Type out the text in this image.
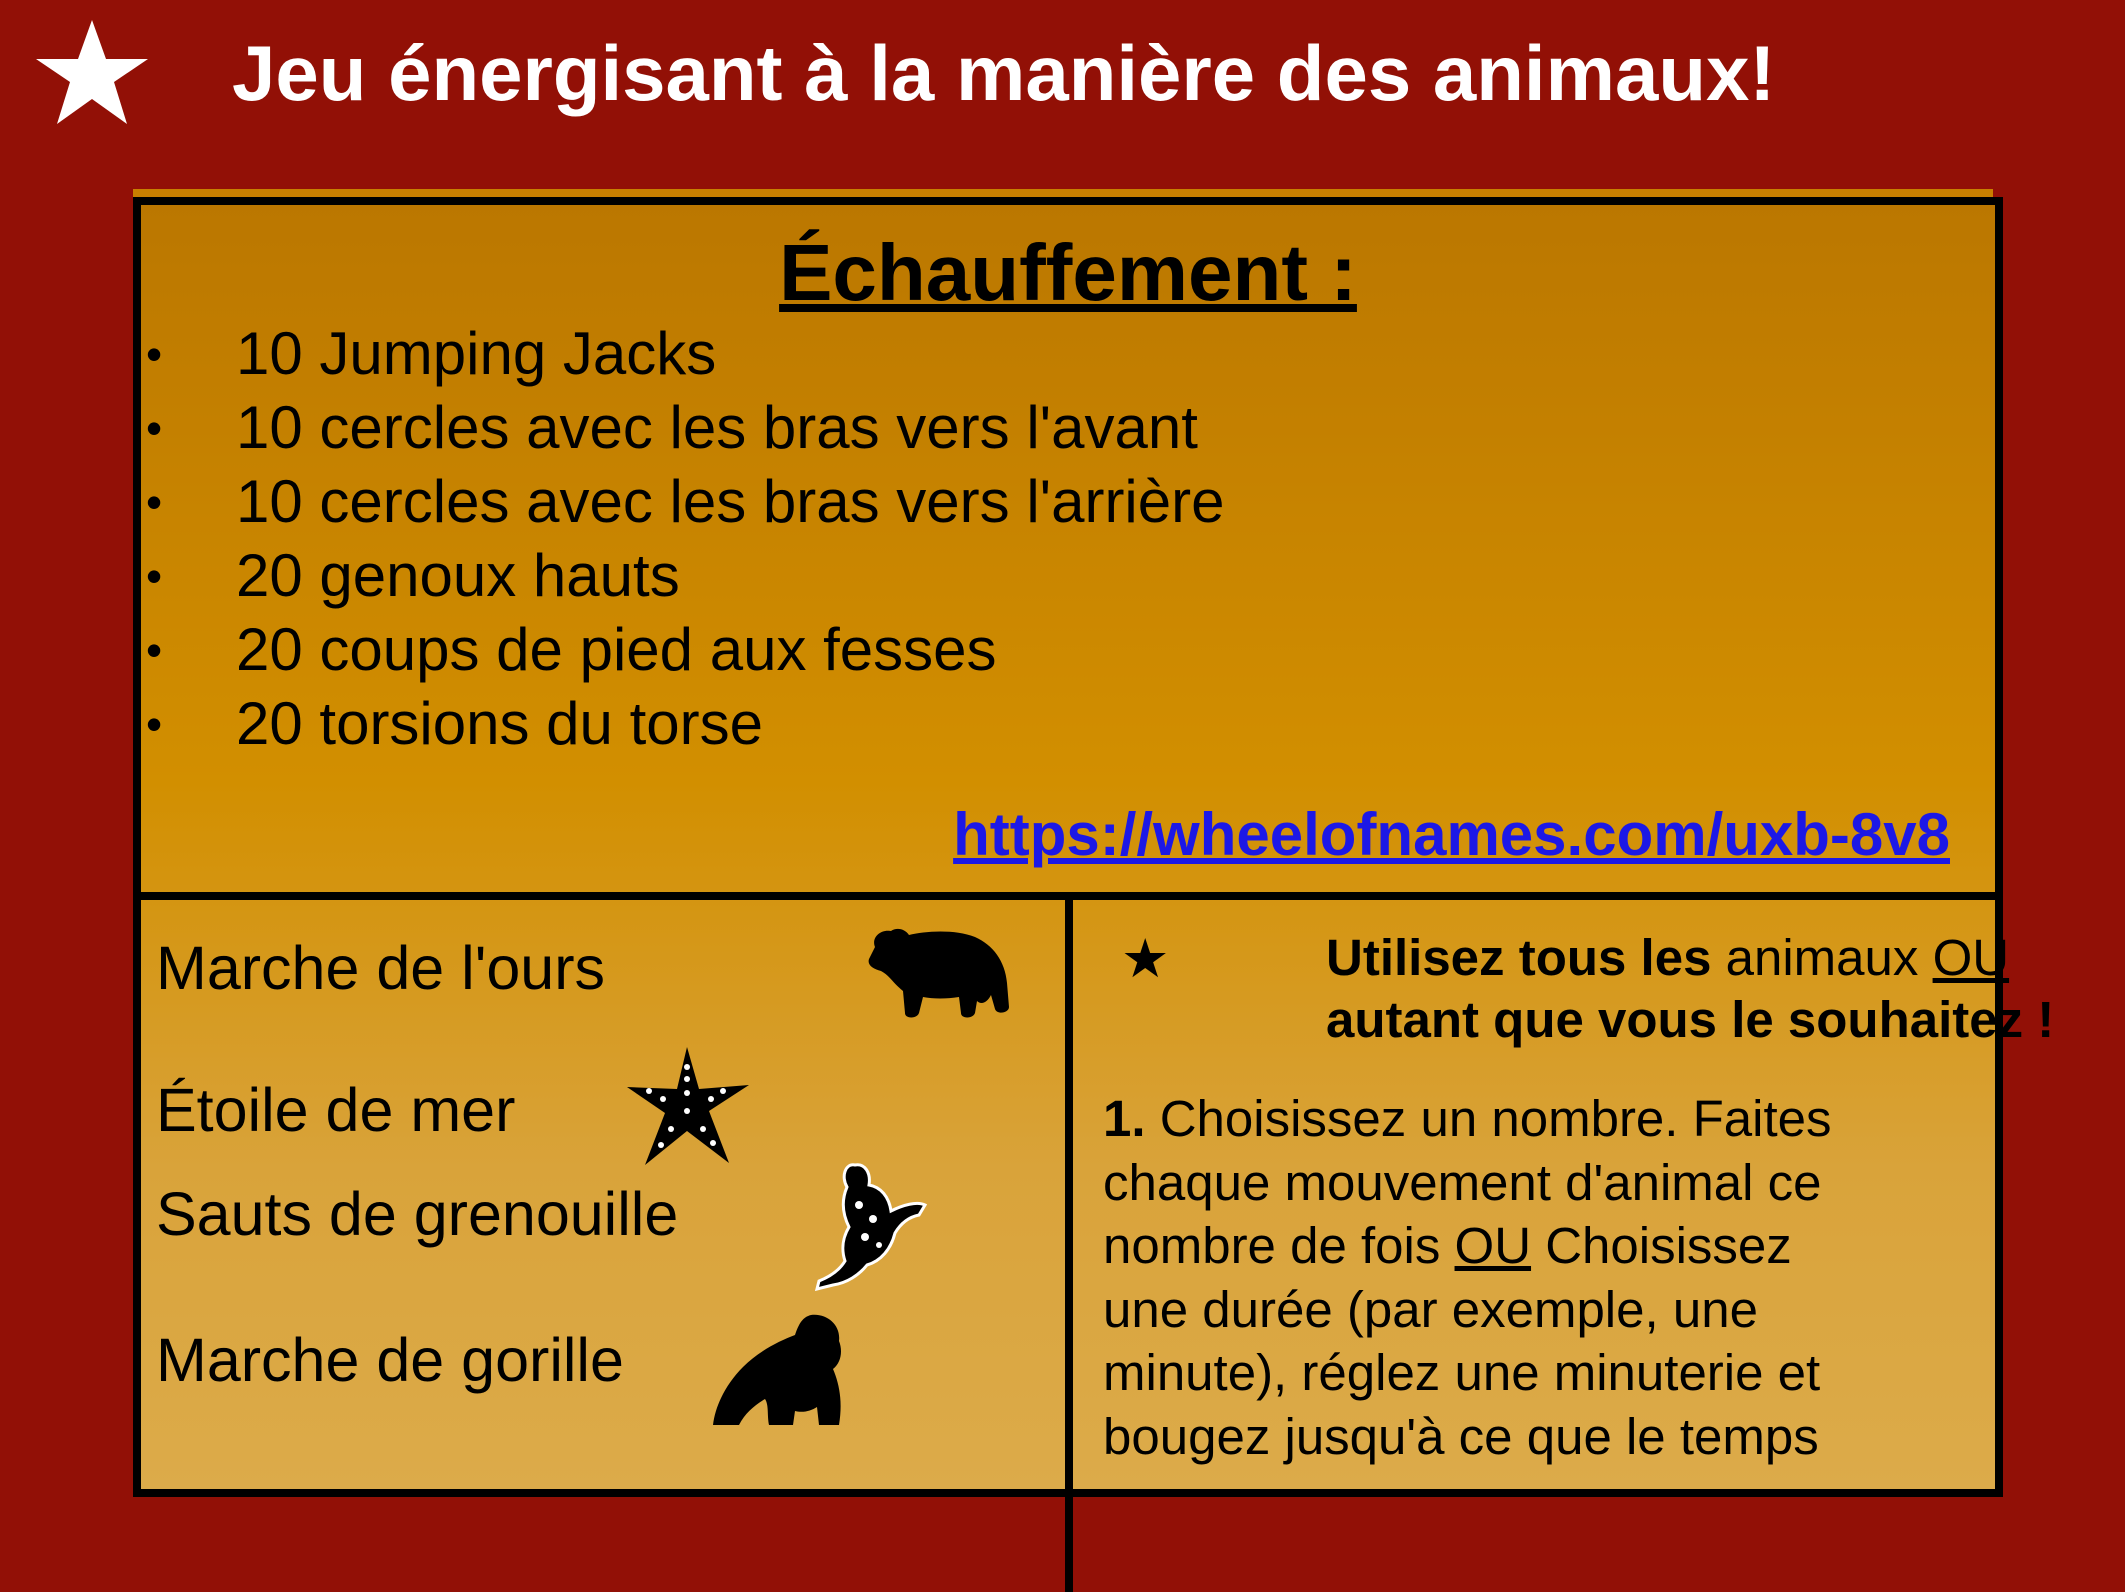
Jeu énergisant à la manière des animaux!
Échauffement :
•	10 Jumping Jacks
•	10 cercles avec les bras vers l'avant
•	10 cercles avec les bras vers l'arrière
•	20 genoux hauts
•	20 coups de pied aux fesses
•	20 torsions du torse
https://wheelofnames.com/uxb-8v8
Marche de l'ours
Étoile de mer
Sauts de grenouille
Marche de gorille
★	Utilisez tous les animaux OU
autant que vous le souhaitez !
1. Choisissez un nombre. Faites
chaque mouvement d'animal ce
nombre de fois OU Choisissez
une durée (par exemple, une
minute), réglez une minuterie et
bougez jusqu'à ce que le temps
